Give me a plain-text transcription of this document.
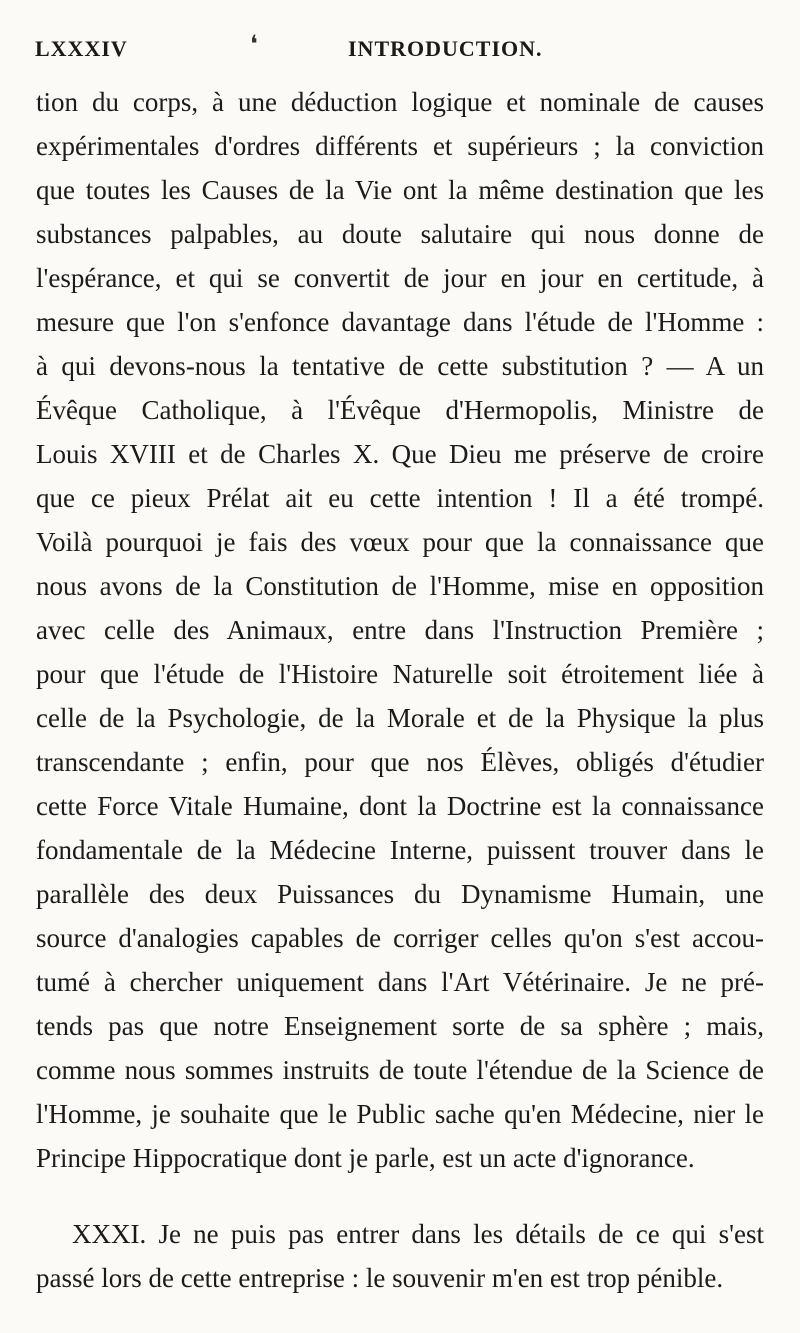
LXXXIV	❛	INTRODUCTION.
tion du corps, à une déduction logique et nominale de causes
expérimentales d'ordres différents et supérieurs ; la conviction
que toutes les Causes de la Vie ont la même destination que les
substances palpables, au doute salutaire qui nous donne de
l'espérance, et qui se convertit de jour en jour en certitude, à
mesure que l'on s'enfonce davantage dans l'étude de l'Homme :
à qui devons-nous la tentative de cette substitution ? — A un
Évêque Catholique, à l'Évêque d'Hermopolis, Ministre de
Louis XVIII et de Charles X. Que Dieu me préserve de croire
que ce pieux Prélat ait eu cette intention ! Il a été trompé.
Voilà pourquoi je fais des vœux pour que la connaissance que
nous avons de la Constitution de l'Homme, mise en opposition
avec celle des Animaux, entre dans l'Instruction Première ;
pour que l'étude de l'Histoire Naturelle soit étroitement liée à
celle de la Psychologie, de la Morale et de la Physique la plus
transcendante ; enfin, pour que nos Élèves, obligés d'étudier
cette Force Vitale Humaine, dont la Doctrine est la connaissance
fondamentale de la Médecine Interne, puissent trouver dans le
parallèle des deux Puissances du Dynamisme Humain, une
source d'analogies capables de corriger celles qu'on s'est accou-
tumé à chercher uniquement dans l'Art Vétérinaire. Je ne pré-
tends pas que notre Enseignement sorte de sa sphère ; mais,
comme nous sommes instruits de toute l'étendue de la Science de
l'Homme, je souhaite que le Public sache qu'en Médecine, nier le
Principe Hippocratique dont je parle, est un acte d'ignorance.
XXXI. Je ne puis pas entrer dans les détails de ce qui s'est
passé lors de cette entreprise : le souvenir m'en est trop pénible.
